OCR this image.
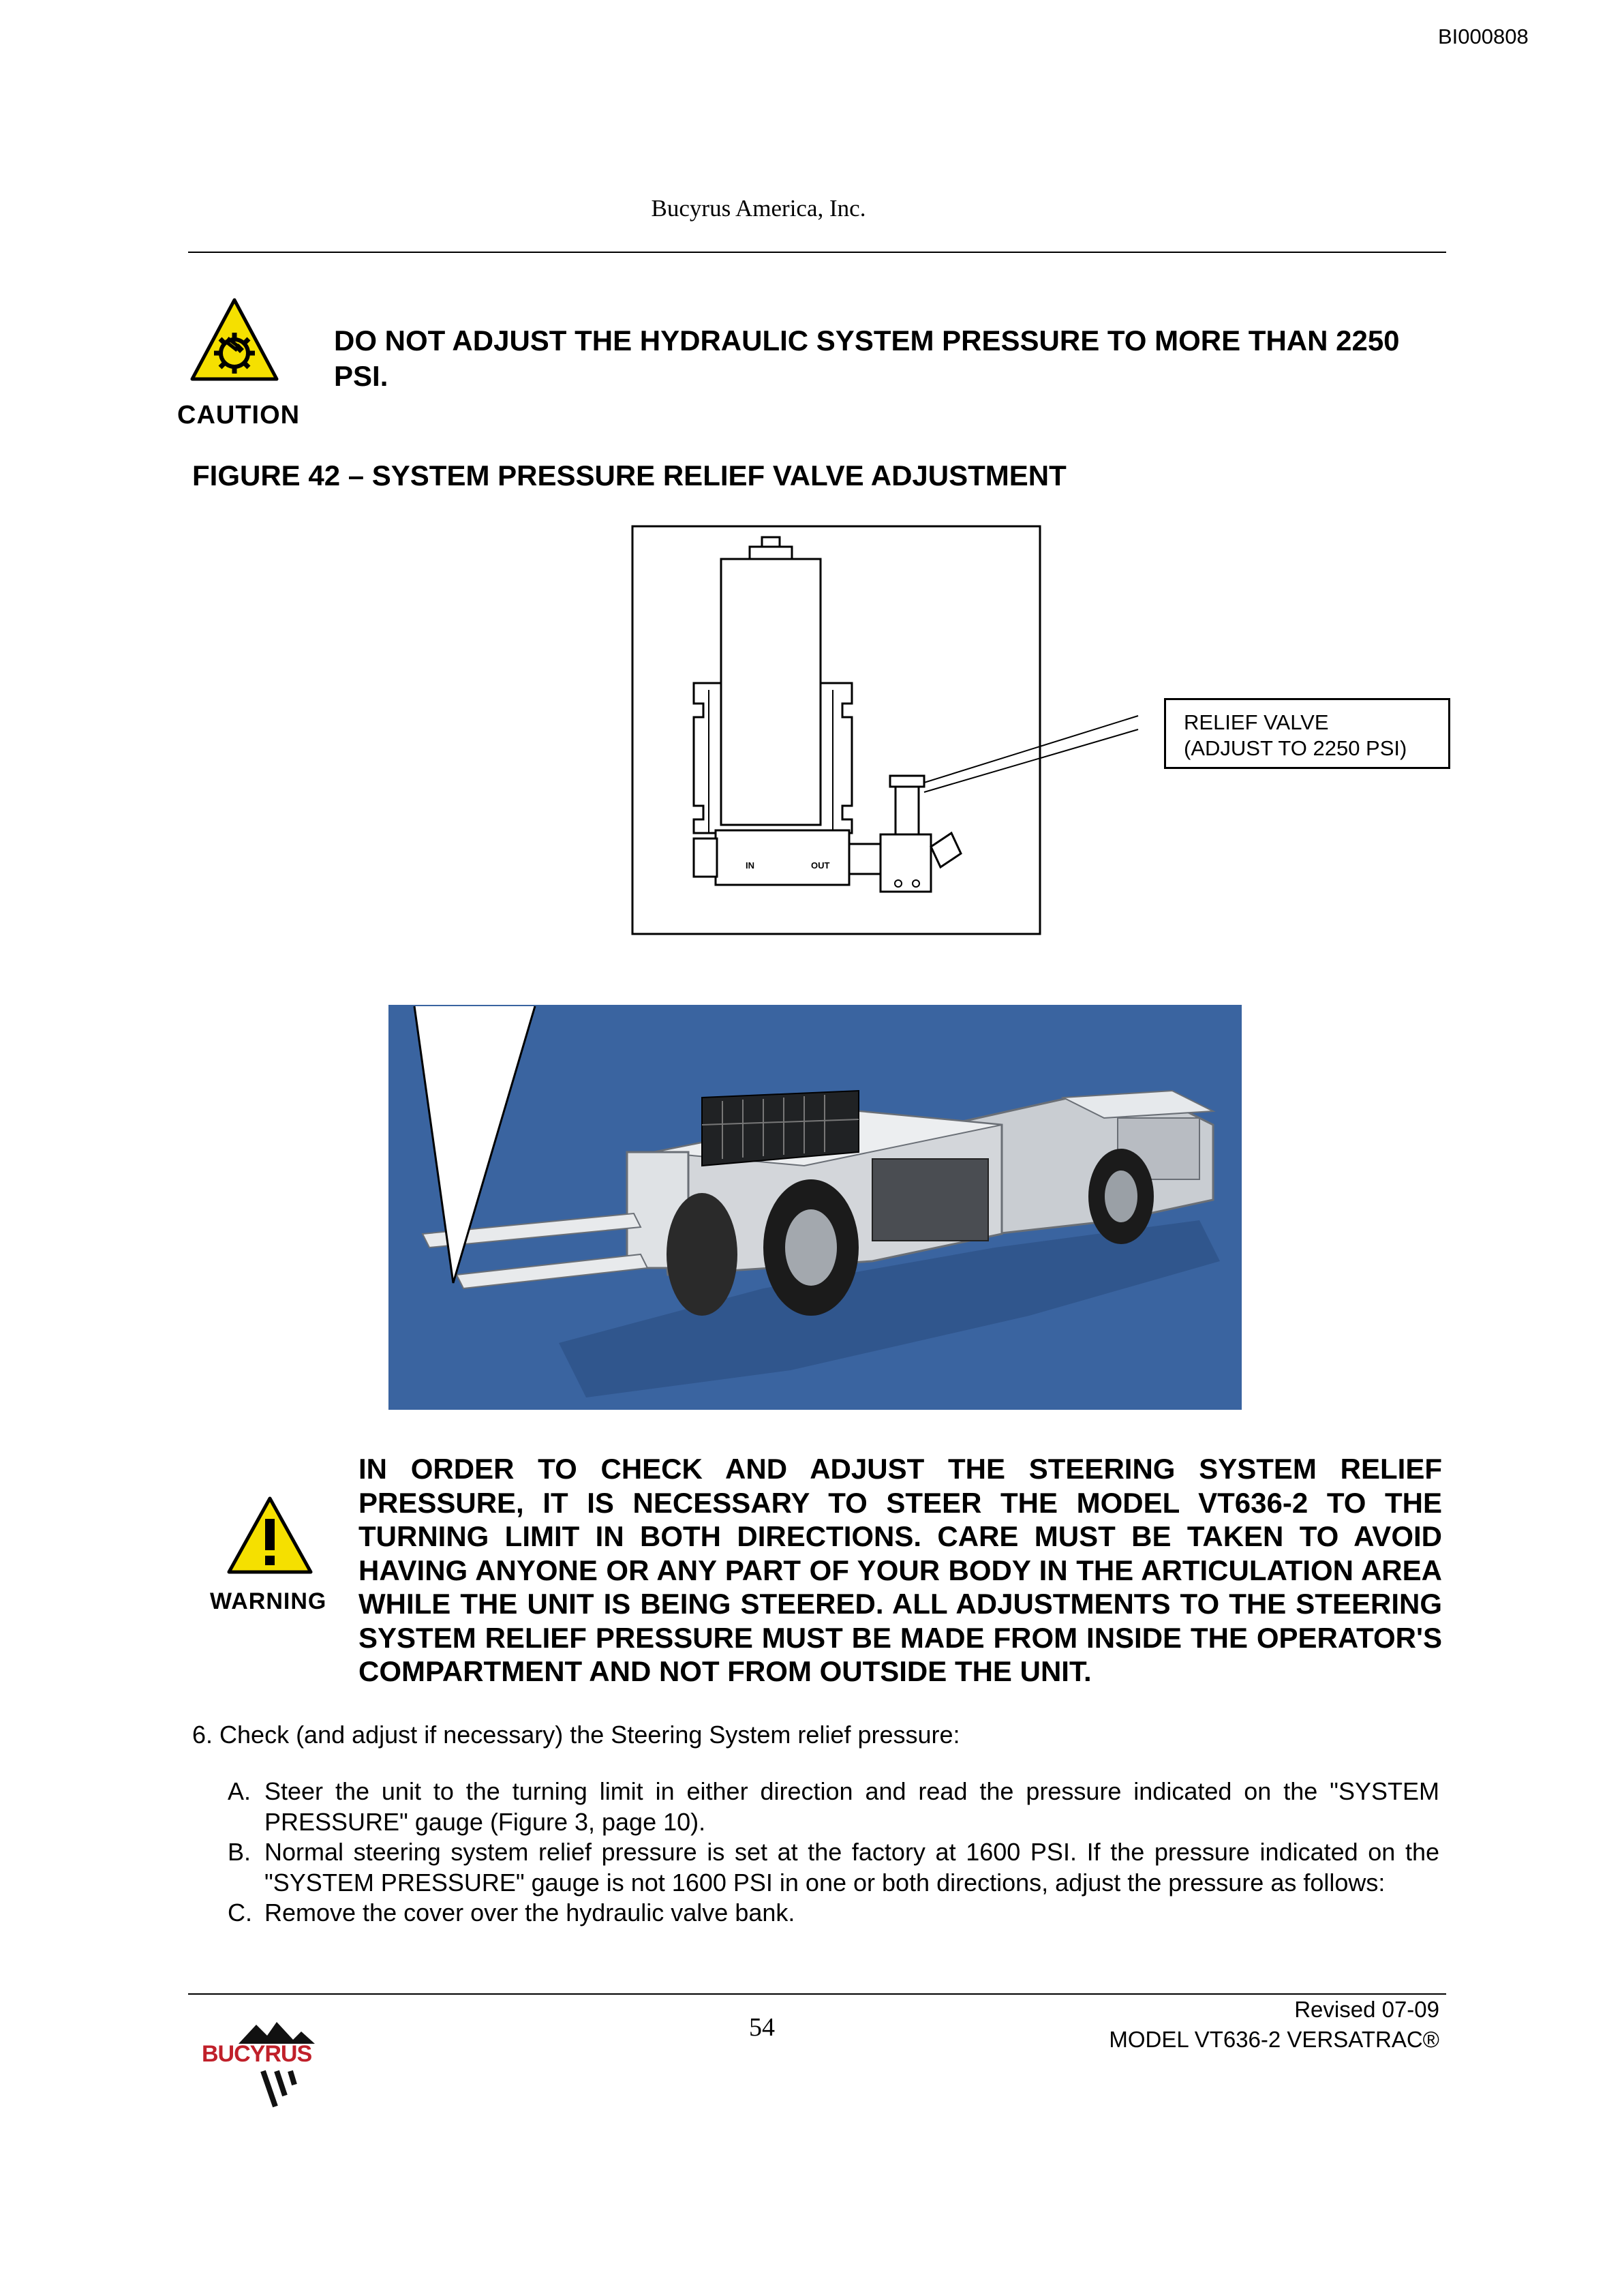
BI000808
Bucyrus America, Inc.
CAUTION
DO NOT ADJUST THE HYDRAULIC SYSTEM PRESSURE TO MORE THAN 2250 PSI.
FIGURE 42 – SYSTEM PRESSURE RELIEF VALVE ADJUSTMENT
IN	OUT
RELIEF VALVE
(ADJUST TO 2250 PSI)
WARNING
IN ORDER TO CHECK AND ADJUST THE STEERING SYSTEM RELIEF PRESSURE, IT IS NECESSARY TO STEER THE MODEL VT636-2 TO THE TURNING LIMIT IN BOTH DIRECTIONS. CARE MUST BE TAKEN TO AVOID HAVING ANYONE OR ANY PART OF YOUR BODY IN THE ARTICULATION AREA WHILE THE UNIT IS BEING STEERED. ALL ADJUSTMENTS TO THE STEERING SYSTEM RELIEF PRESSURE MUST BE MADE FROM INSIDE THE OPERATOR'S COMPARTMENT AND NOT FROM OUTSIDE THE UNIT.
6. Check (and adjust if necessary) the Steering System relief pressure:
A. Steer the unit to the turning limit in either direction and read the pressure indicated on the "SYSTEM PRESSURE" gauge (Figure 3, page 10).
B. Normal steering system relief pressure is set at the factory at 1600 PSI. If the pressure indicated on the "SYSTEM PRESSURE" gauge is not 1600 PSI in one or both directions, adjust the pressure as follows:
C. Remove the cover over the hydraulic valve bank.
54
Revised 07-09
MODEL VT636-2 VERSATRAC®
BUCYRUS
